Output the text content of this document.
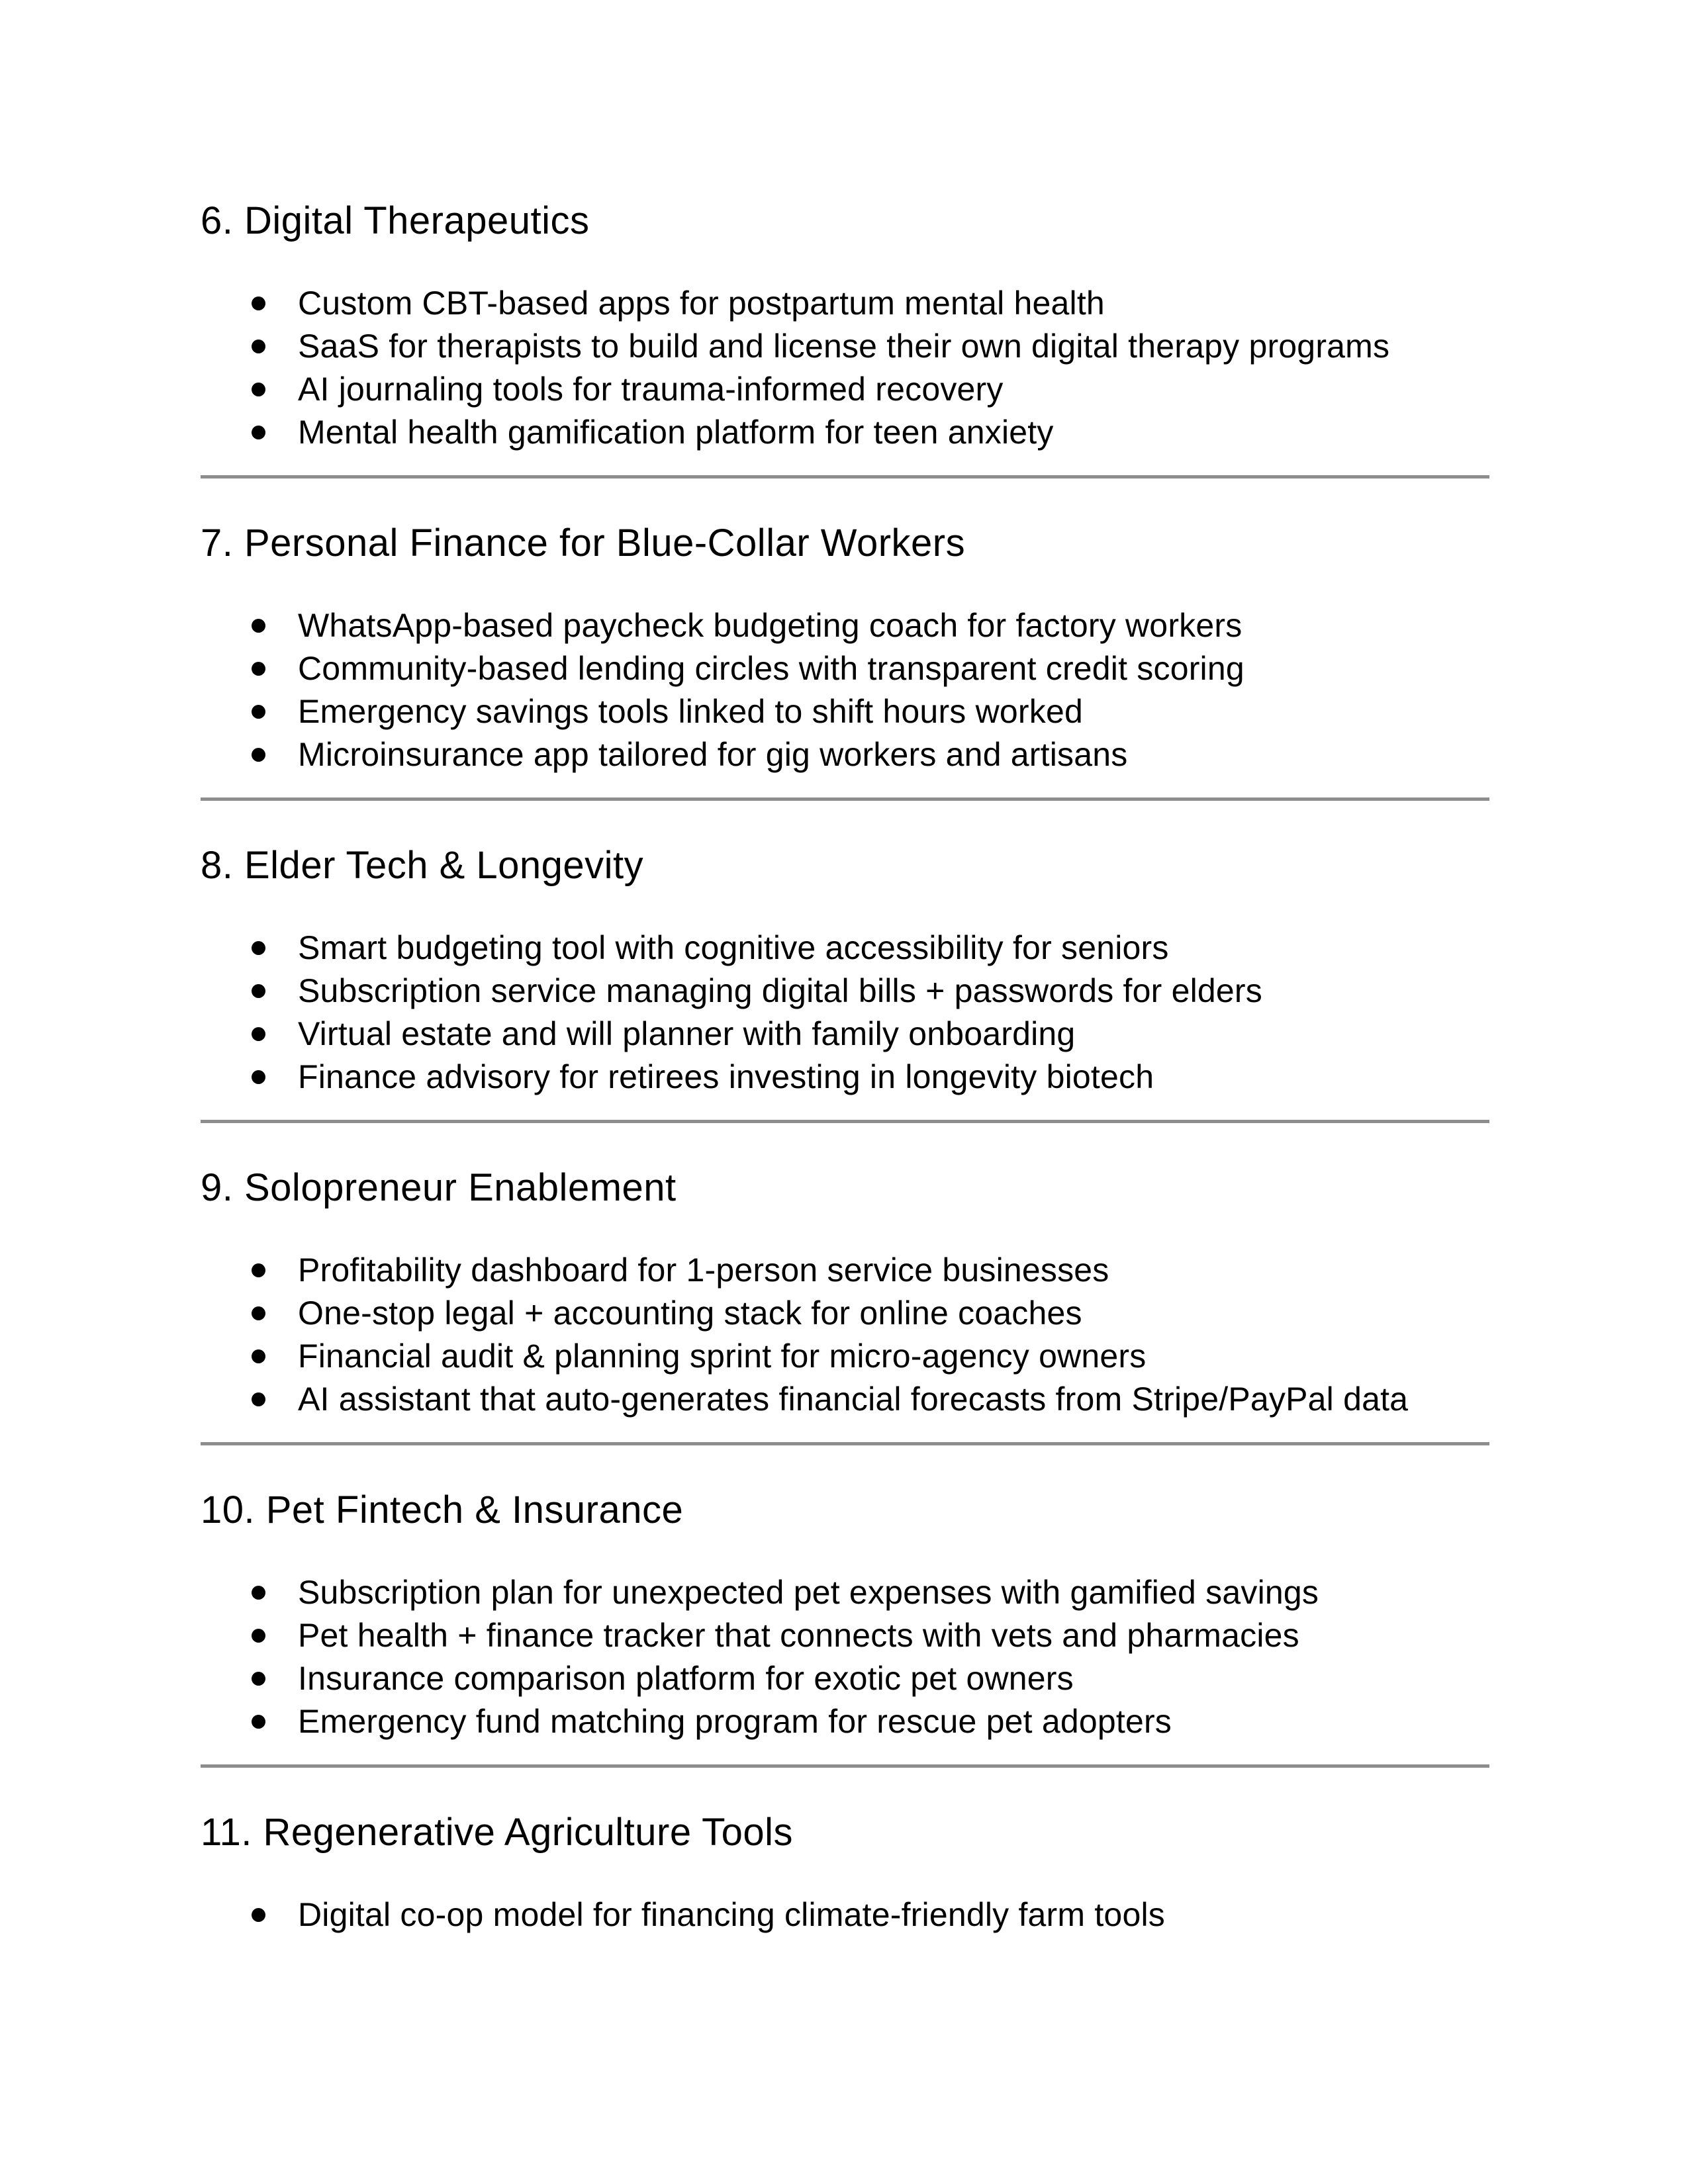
6. Digital Therapeutics
Custom CBT-based apps for postpartum mental health
SaaS for therapists to build and license their own digital therapy programs
AI journaling tools for trauma-informed recovery
Mental health gamification platform for teen anxiety
7. Personal Finance for Blue-Collar Workers
WhatsApp-based paycheck budgeting coach for factory workers
Community-based lending circles with transparent credit scoring
Emergency savings tools linked to shift hours worked
Microinsurance app tailored for gig workers and artisans
8. Elder Tech & Longevity
Smart budgeting tool with cognitive accessibility for seniors
Subscription service managing digital bills + passwords for elders
Virtual estate and will planner with family onboarding
Finance advisory for retirees investing in longevity biotech
9. Solopreneur Enablement
Profitability dashboard for 1-person service businesses
One-stop legal + accounting stack for online coaches
Financial audit & planning sprint for micro-agency owners
AI assistant that auto-generates financial forecasts from Stripe/PayPal data
10. Pet Fintech & Insurance
Subscription plan for unexpected pet expenses with gamified savings
Pet health + finance tracker that connects with vets and pharmacies
Insurance comparison platform for exotic pet owners
Emergency fund matching program for rescue pet adopters
11. Regenerative Agriculture Tools
Digital co-op model for financing climate-friendly farm tools
